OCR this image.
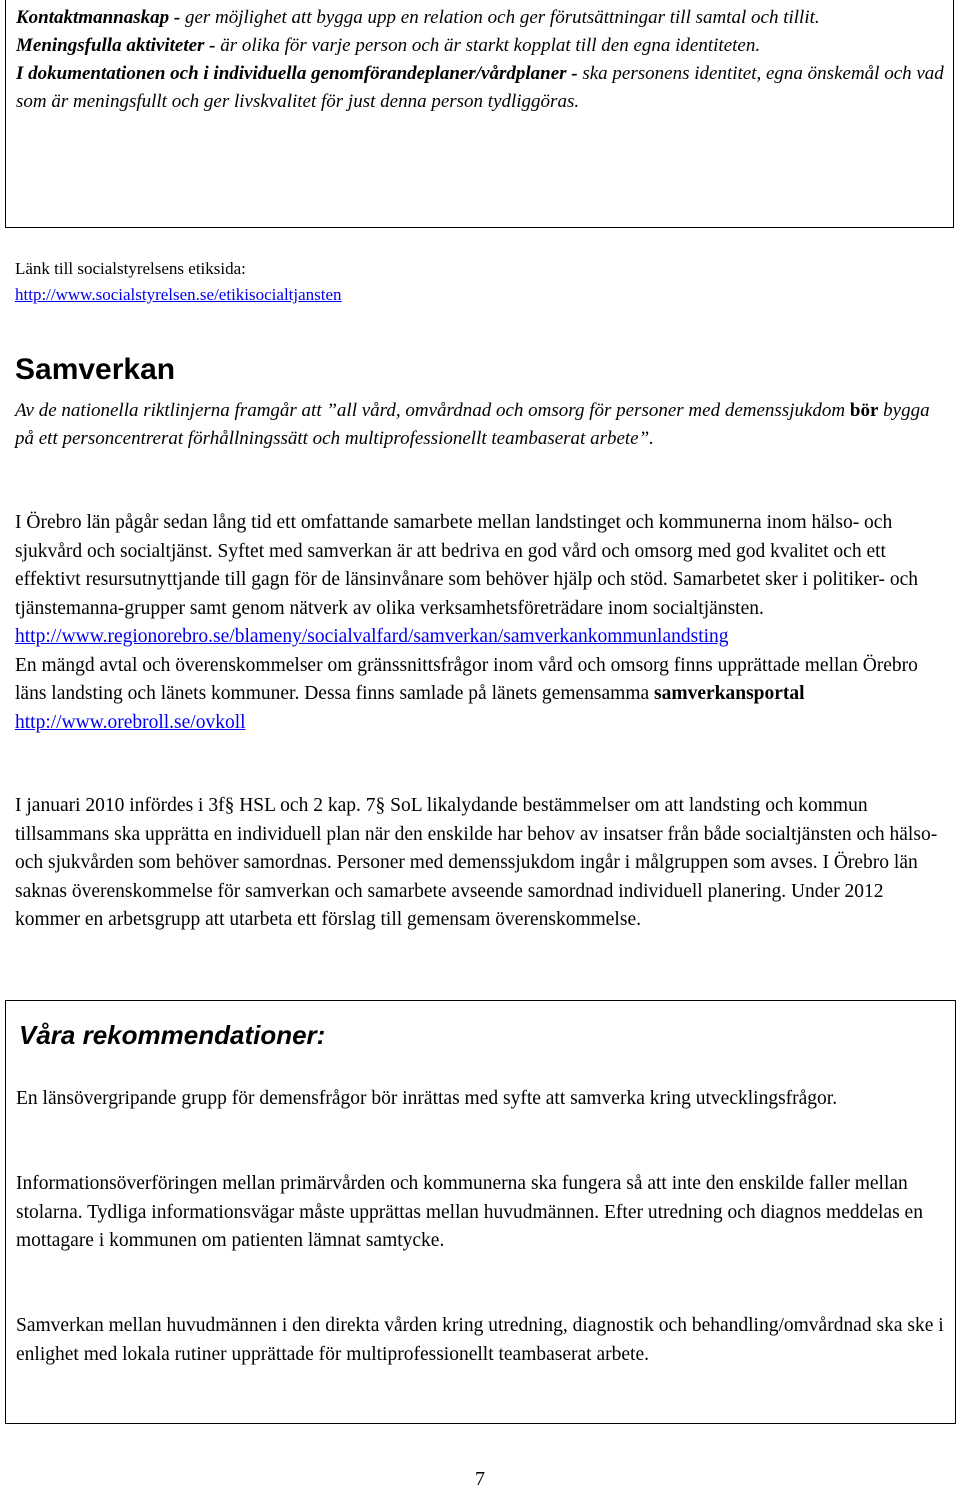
Kontaktmannaskap - ger möjlighet att bygga upp en relation och ger förutsättningar till samtal och tillit.

Meningsfulla aktiviteter - är olika för varje person och är starkt kopplat till den egna identiteten.

I dokumentationen och i individuella genomförandeplaner/vårdplaner - ska personens identitet, egna önskemål och vad som är meningsfullt och ger livskvalitet för just denna person tydliggöras.

Länk till socialstyrelsens etiksida:

http://www.socialstyrelsen.se/etikisocialtjansten

Samverkan

Av de nationella riktlinjerna framgår att ”all vård, omvårdnad och omsorg för personer med demenssjukdom bör bygga på ett personcentrerat förhållningssätt och multiprofessionellt teambaserat arbete”.

I Örebro län pågår sedan lång tid ett omfattande samarbete mellan landstinget och kommunerna inom hälso- och sjukvård och socialtjänst. Syftet med samverkan är att bedriva en god vård och omsorg med god kvalitet och ett effektivt resursutnyttjande till gagn för de länsinvånare som behöver hjälp och stöd. Samarbetet sker i politiker- och tjänstemanna-grupper samt genom nätverk av olika verksamhetsföreträdare inom socialtjänsten.
http://www.regionorebro.se/blameny/socialvalfard/samverkan/samverkankommunlandsting
En mängd avtal och överenskommelser om gränssnittsfrågor inom vård och omsorg finns upprättade mellan Örebro läns landsting och länets kommuner. Dessa finns samlade på länets gemensamma samverkansportal http://www.orebroll.se/ovkoll

I januari 2010 infördes i 3f§ HSL och 2 kap. 7§ SoL likalydande bestämmelser om att landsting och kommun tillsammans ska upprätta en individuell plan när den enskilde har behov av insatser från både socialtjänsten och hälso- och sjukvården som behöver samordnas. Personer med demenssjukdom ingår i målgruppen som avses. I Örebro län saknas överenskommelse för samverkan och samarbete avseende samordnad individuell planering. Under 2012 kommer en arbetsgrupp att utarbeta ett förslag till gemensam överenskommelse.

Våra rekommendationer:

En länsövergripande grupp för demensfrågor bör inrättas med syfte att samverka kring utvecklingsfrågor.

Informationsöverföringen mellan primärvården och kommunerna ska fungera så att inte den enskilde faller mellan stolarna. Tydliga informationsvägar måste upprättas mellan huvudmännen. Efter utredning och diagnos meddelas en mottagare i kommunen om patienten lämnat samtycke.

Samverkan mellan huvudmännen i den direkta vården kring utredning, diagnostik och behandling/omvårdnad ska ske i enlighet med lokala rutiner upprättade för multiprofessionellt teambaserat arbete.

7
